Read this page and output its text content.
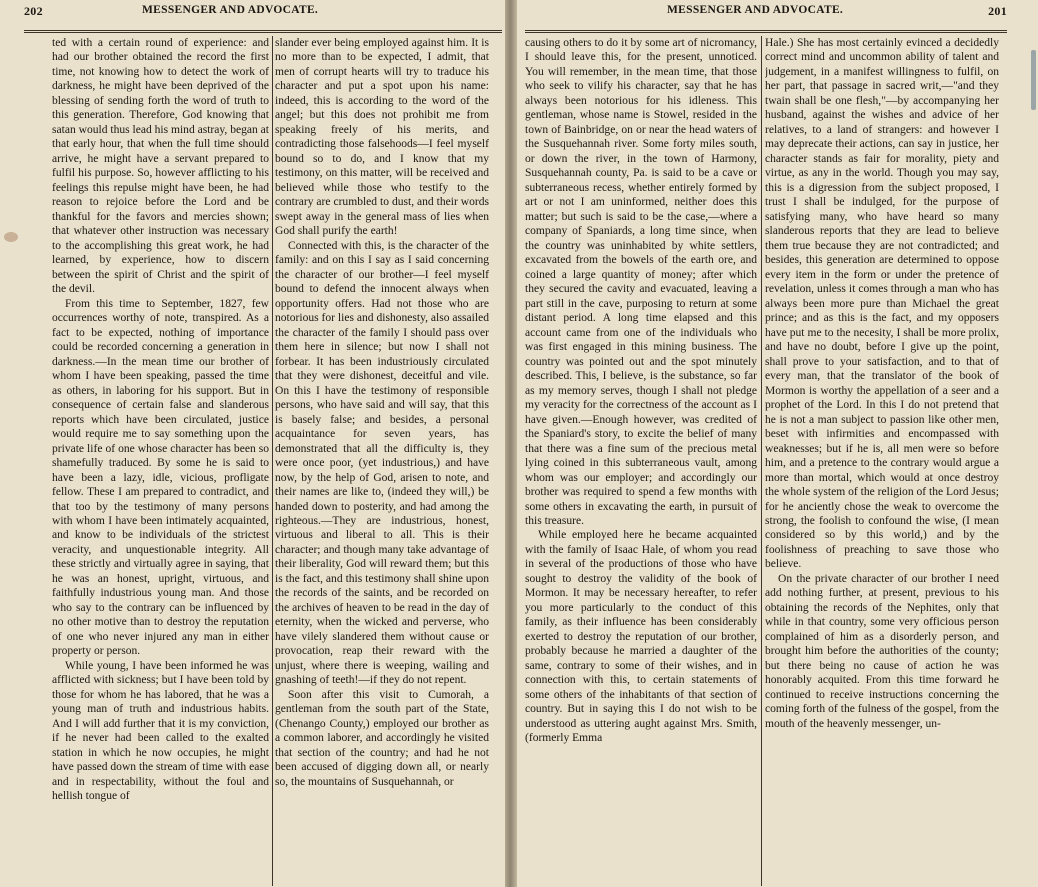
202	MESSENGER AND ADVOCATE.

ted with a certain round of experience: and had our brother obtained the record the first time, not knowing how to detect the work of darkness, he might have been deprived of the blessing of sending forth the word of truth to this generation. Therefore, God knowing that satan would thus lead his mind astray, began at that early hour, that when the full time should arrive, he might have a servant prepared to fulfil his purpose. So, however afflicting to his feelings this repulse might have been, he had reason to rejoice before the Lord and be thankful for the favors and mercies shown; that whatever other instruction was necessary to the accomplishing this great work, he had learned, by experience, how to discern between the spirit of Christ and the spirit of the devil.

From this time to September, 1827, few occurrences worthy of note, transpired. As a fact to be expected, nothing of importance could be recorded concerning a generation in darkness.—In the mean time our brother of whom I have been speaking, passed the time as others, in laboring for his support. But in consequence of certain false and slanderous reports which have been circulated, justice would require me to say something upon the private life of one whose character has been so shamefully traduced. By some he is said to have been a lazy, idle, vicious, profligate fellow. These I am prepared to contradict, and that too by the testimony of many persons with whom I have been intimately acquainted, and know to be individuals of the strictest veracity, and unquestionable integrity. All these strictly and virtually agree in saying, that he was an honest, upright, virtuous, and faithfully industrious young man. And those who say to the contrary can be influenced by no other motive than to destroy the reputation of one who never injured any man in either property or person.

While young, I have been informed he was afflicted with sickness; but I have been told by those for whom he has labored, that he was a young man of truth and industrious habits. And I will add further that it is my conviction, if he never had been called to the exalted station in which he now occupies, he might have passed down the stream of time with ease and in respectability, without the foul and hellish tongue of

slander ever being employed against him. It is no more than to be expected, I admit, that men of corrupt hearts will try to traduce his character and put a spot upon his name: indeed, this is according to the word of the angel; but this does not prohibit me from speaking freely of his merits, and contradicting those falsehoods—I feel myself bound so to do, and I know that my testimony, on this matter, will be received and believed while those who testify to the contrary are crumbled to dust, and their words swept away in the general mass of lies when God shall purify the earth!

Connected with this, is the character of the family: and on this I say as I said concerning the character of our brother—I feel myself bound to defend the innocent always when opportunity offers. Had not those who are notorious for lies and dishonesty, also assailed the character of the family I should pass over them here in silence; but now I shall not forbear. It has been industriously circulated that they were dishonest, deceitful and vile. On this I have the testimony of responsible persons, who have said and will say, that this is basely false; and besides, a personal acquaintance for seven years, has demonstrated that all the difficulty is, they were once poor, (yet industrious,) and have now, by the help of God, arisen to note, and their names are like to, (indeed they will,) be handed down to posterity, and had among the righteous.—They are industrious, honest, virtuous and liberal to all. This is their character; and though many take advantage of their liberality, God will reward them; but this is the fact, and this testimony shall shine upon the records of the saints, and be recorded on the archives of heaven to be read in the day of eternity, when the wicked and perverse, who have vilely slandered them without cause or provocation, reap their reward with the unjust, where there is weeping, wailing and gnashing of teeth!—if they do not repent.

Soon after this visit to Cumorah, a gentleman from the south part of the State, (Chenango County,) employed our brother as a common laborer, and accordingly he visited that section of the country; and had he not been accused of digging down all, or nearly so, the mountains of Susquehannah, or

MESSENGER AND ADVOCATE.	201

causing others to do it by some art of nicromancy, I should leave this, for the present, unnoticed. You will remember, in the mean time, that those who seek to vilify his character, say that he has always been notorious for his idleness. This gentleman, whose name is Stowel, resided in the town of Bainbridge, on or near the head waters of the Susquehannah river. Some forty miles south, or down the river, in the town of Harmony, Susquehannah county, Pa. is said to be a cave or subterraneous recess, whether entirely formed by art or not I am uninformed, neither does this matter; but such is said to be the case,—where a company of Spaniards, a long time since, when the country was uninhabited by white settlers, excavated from the bowels of the earth ore, and coined a large quantity of money; after which they secured the cavity and evacuated, leaving a part still in the cave, purposing to return at some distant period. A long time elapsed and this account came from one of the individuals who was first engaged in this mining business. The country was pointed out and the spot minutely described. This, I believe, is the substance, so far as my memory serves, though I shall not pledge my veracity for the correctness of the account as I have given.—Enough however, was credited of the Spaniard's story, to excite the belief of many that there was a fine sum of the precious metal lying coined in this subterraneous vault, among whom was our employer; and accordingly our brother was required to spend a few months with some others in excavating the earth, in pursuit of this treasure.

While employed here he became acquainted with the family of Isaac Hale, of whom you read in several of the productions of those who have sought to destroy the validity of the book of Mormon. It may be necessary hereafter, to refer you more particularly to the conduct of this family, as their influence has been considerably exerted to destroy the reputation of our brother, probably because he married a daughter of the same, contrary to some of their wishes, and in connection with this, to certain statements of some others of the inhabitants of that section of country. But in saying this I do not wish to be understood as uttering aught against Mrs. Smith, (formerly Emma

Hale.) She has most certainly evinced a decidedly correct mind and uncommon ability of talent and judgement, in a manifest willingness to fulfil, on her part, that passage in sacred writ,—"and they twain shall be one flesh,"—by accompanying her husband, against the wishes and advice of her relatives, to a land of strangers: and however I may deprecate their actions, can say in justice, her character stands as fair for morality, piety and virtue, as any in the world. Though you may say, this is a digression from the subject proposed, I trust I shall be indulged, for the purpose of satisfying many, who have heard so many slanderous reports that they are lead to believe them true because they are not contradicted; and besides, this generation are determined to oppose every item in the form or under the pretence of revelation, unless it comes through a man who has always been more pure than Michael the great prince; and as this is the fact, and my opposers have put me to the necesity, I shall be more prolix, and have no doubt, before I give up the point, shall prove to your satisfaction, and to that of every man, that the translator of the book of Mormon is worthy the appellation of a seer and a prophet of the Lord. In this I do not pretend that he is not a man subject to passion like other men, beset with infirmities and encompassed with weaknesses; but if he is, all men were so before him, and a pretence to the contrary would argue a more than mortal, which would at once destroy the whole system of the religion of the Lord Jesus; for he anciently chose the weak to overcome the strong, the foolish to confound the wise, (I mean considered so by this world,) and by the foolishness of preaching to save those who believe.

On the private character of our brother I need add nothing further, at present, previous to his obtaining the records of the Nephites, only that while in that country, some very officious person complained of him as a disorderly person, and brought him before the authorities of the county; but there being no cause of action he was honorably acquited. From this time forward he continued to receive instructions concerning the coming forth of the fulness of the gospel, from the mouth of the heavenly messenger, un-
